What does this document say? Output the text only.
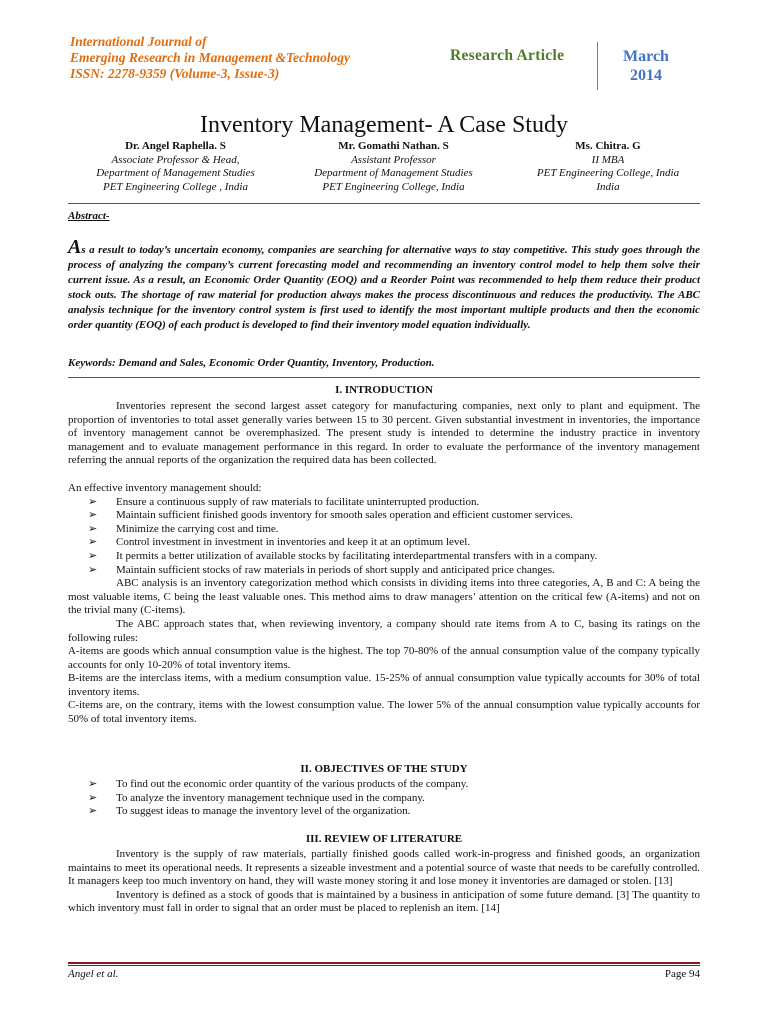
International Journal of
Emerging Research in Management &Technology
ISSN: 2278-9359 (Volume-3, Issue-3)
Research Article	March
2014
Inventory Management- A Case Study
Dr. Angel Raphella. S
Associate Professor & Head,
Department of Management Studies
PET Engineering College , India
Mr. Gomathi Nathan. S
Assistant Professor
Department of Management Studies
PET Engineering College, India
Ms. Chitra. G
II MBA
PET Engineering College, India
India
Abstract-
As a result to today’s uncertain economy, companies are searching for alternative ways to stay competitive. This study goes through the process of analyzing the company’s current forecasting model and recommending an inventory control model to help them solve their current issue. As a result, an Economic Order Quantity (EOQ) and a Reorder Point was recommended to help them reduce their product stock outs. The shortage of raw material for production always makes the process discontinuous and reduces the productivity. The ABC analysis technique for the inventory control system is first used to identify the most important multiple products and then the economic order quantity (EOQ) of each product is developed to find their inventory model equation individually.
Keywords: Demand and Sales, Economic Order Quantity, Inventory, Production.
I. INTRODUCTION

Inventories represent the second largest asset category for manufacturing companies, next only to plant and equipment. The proportion of inventories to total asset generally varies between 15 to 30 percent. Given substantial investment in inventories, the importance of inventory management cannot be overemphasized. The present study is intended to determine the industry practice in inventory management and to evaluate management performance in this regard. In order to evaluate the performance of the inventory management referring the annual reports of the organization the required data has been collected.

An effective inventory management should:

➢ Ensure a continuous supply of raw materials to facilitate uninterrupted production.
➢ Maintain sufficient finished goods inventory for smooth sales operation and efficient customer services.
➢ Minimize the carrying cost and time.
➢ Control investment in investment in inventories and keep it at an optimum level.
➢ It permits a better utilization of available stocks by facilitating interdepartmental transfers with in a company.
➢ Maintain sufficient stocks of raw materials in periods of short supply and anticipated price changes.

ABC analysis is an inventory categorization method which consists in dividing items into three categories, A, B and C: A being the most valuable items, C being the least valuable ones. This method aims to draw managers’ attention on the critical few (A-items) and not on the trivial many (C-items).

The ABC approach states that, when reviewing inventory, a company should rate items from A to C, basing its ratings on the following rules:

A-items are goods which annual consumption value is the highest. The top 70-80% of the annual consumption value of the company typically accounts for only 10-20% of total inventory items.

B-items are the interclass items, with a medium consumption value. 15-25% of annual consumption value typically accounts for 30% of total inventory items.

C-items are, on the contrary, items with the lowest consumption value. The lower 5% of the annual consumption value typically accounts for 50% of total inventory items.

II. OBJECTIVES OF THE STUDY
➢ To find out the economic order quantity of the various products of the company.
➢ To analyze the inventory management technique used in the company.
➢ To suggest ideas to manage the inventory level of the organization.
III. REVIEW OF LITERATURE

Inventory is the supply of raw materials, partially finished goods called work-in-progress and finished goods, an organization maintains to meet its operational needs. It represents a sizeable investment and a potential source of waste that needs to be carefully controlled. It managers keep too much inventory on hand, they will waste money storing it and lose money it inventories are damaged or stolen. [13]

Inventory is defined as a stock of goods that is maintained by a business in anticipation of some future demand. [3] The quantity to which inventory must fall in order to signal that an order must be placed to replenish an item. [14]

Angel et al.	Page 94
